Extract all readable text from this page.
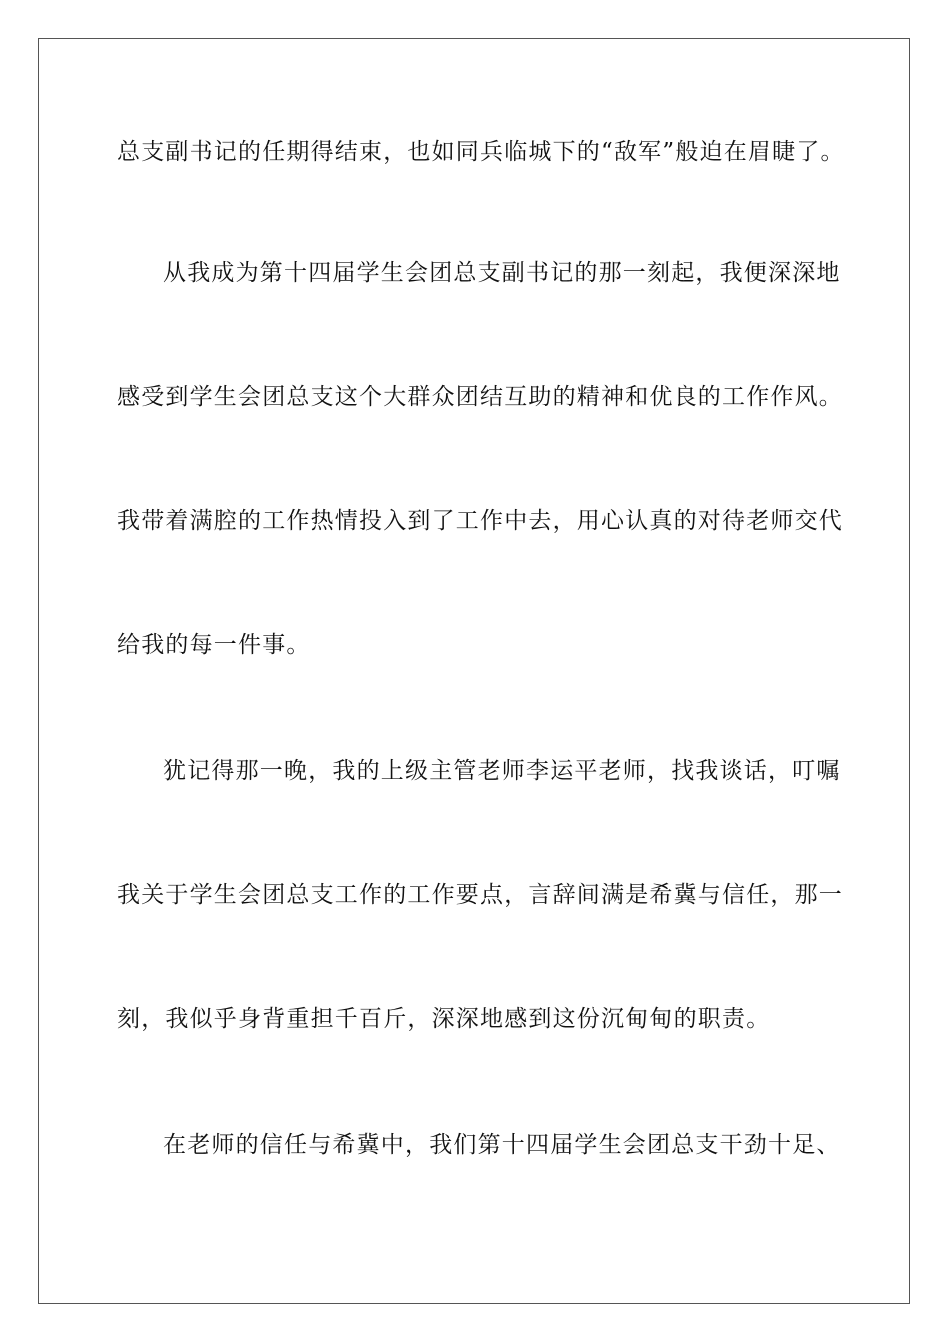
总支副书记的任期得结束，也如同兵临城下的“敌军”般迫在眉睫了。
从我成为第十四届学生会团总支副书记的那一刻起，我便深深地
感受到学生会团总支这个大群众团结互助的精神和优良的工作作风。
我带着满腔的工作热情投入到了工作中去，用心认真的对待老师交代
给我的每一件事。
犹记得那一晚，我的上级主管老师李运平老师，找我谈话，叮嘱
我关于学生会团总支工作的工作要点，言辞间满是希冀与信任，那一
刻，我似乎身背重担千百斤，深深地感到这份沉甸甸的职责。
在老师的信任与希冀中，我们第十四届学生会团总支干劲十足、
